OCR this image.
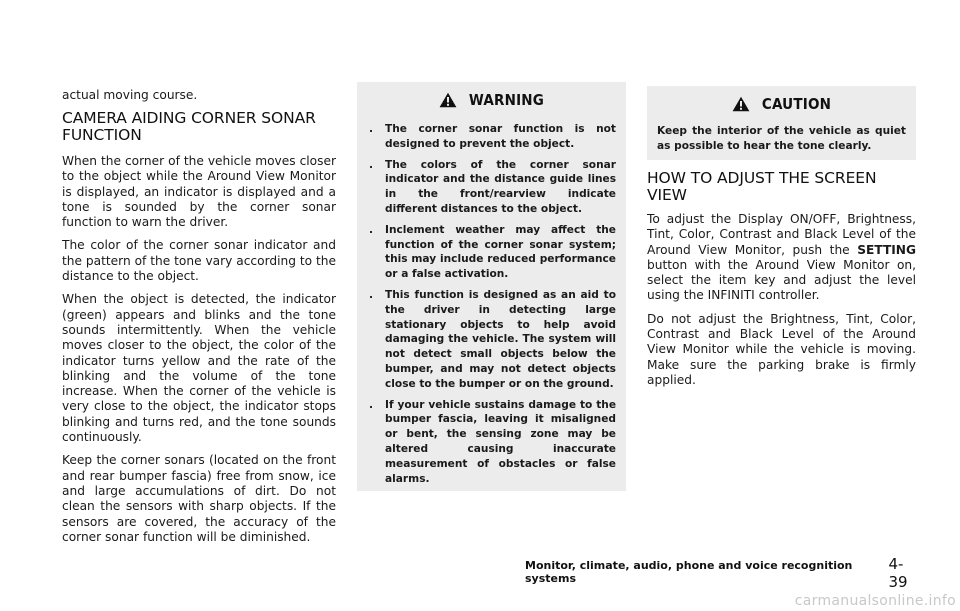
actual moving course.

CAMERA AIDING CORNER SONAR FUNCTION

When the corner of the vehicle moves closer to the object while the Around View Monitor is displayed, an indicator is displayed and a tone is sounded by the corner sonar function to warn the driver.

The color of the corner sonar indicator and the pattern of the tone vary according to the distance to the object.

When the object is detected, the indicator (green) appears and blinks and the tone sounds intermittently. When the vehicle moves closer to the object, the color of the indicator turns yellow and the rate of the blinking and the volume of the tone increase. When the corner of the vehicle is very close to the object, the indicator stops blinking and turns red, and the tone sounds continuously.

Keep the corner sonars (located on the front and rear bumper fascia) free from snow, ice and large accumulations of dirt. Do not clean the sensors with sharp objects. If the sensors are covered, the accuracy of the corner sonar function will be diminished.

WARNING
. The corner sonar function is not designed to prevent the object.
. The colors of the corner sonar indicator and the distance guide lines in the front/rearview indicate different distances to the object.
. Inclement weather may affect the function of the corner sonar system; this may include reduced performance or a false activation.
. This function is designed as an aid to the driver in detecting large stationary objects to help avoid damaging the vehicle. The system will not detect small objects below the bumper, and may not detect objects close to the bumper or on the ground.
. If your vehicle sustains damage to the bumper fascia, leaving it misaligned or bent, the sensing zone may be altered causing inaccurate measurement of obstacles or false alarms.
CAUTION

Keep the interior of the vehicle as quiet as possible to hear the tone clearly.

HOW TO ADJUST THE SCREEN VIEW

To adjust the Display ON/OFF, Brightness, Tint, Color, Contrast and Black Level of the Around View Monitor, push the SETTING button with the Around View Monitor on, select the item key and adjust the level using the INFINITI controller.

Do not adjust the Brightness, Tint, Color, Contrast and Black Level of the Around View Monitor while the vehicle is moving. Make sure the parking brake is firmly applied.

Monitor, climate, audio, phone and voice recognition systems
4-39
carmanualsonline.info
